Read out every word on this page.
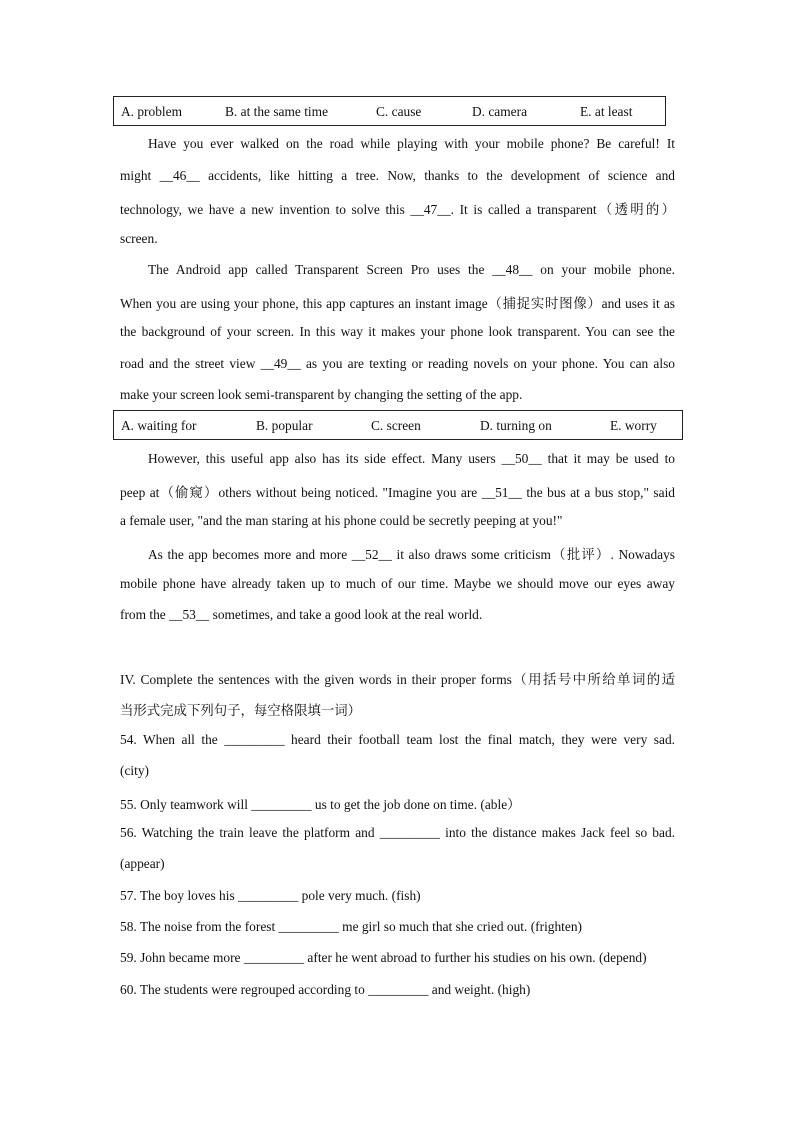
A. problem	B. at the same time	C. cause	D. camera	E. at least
Have you ever walked on the road while playing with your mobile phone? Be careful! It
might __46__ accidents, like hitting a tree. Now, thanks to the development of science and
technology, we have a new invention to solve this __47__. It is called a transparent（透明的）
screen.
The Android app called Transparent Screen Pro uses the __48__ on your mobile phone.
When you are using your phone, this app captures an instant image（捕捉实时图像）and uses it as
the background of your screen. In this way it makes your phone look transparent. You can see the
road and the street view __49__ as you are texting or reading novels on your phone. You can also
make your screen look semi-transparent by changing the setting of the app.
A. waiting for	B. popular	C. screen	D. turning on	E. worry
However, this useful app also has its side effect. Many users __50__ that it may be used to
peep at（偷窥）others without being noticed. "Imagine you are __51__ the bus at a bus stop," said
a female user, "and the man staring at his phone could be secretly peeping at you!"
As the app becomes more and more __52__ it also draws some criticism（批评）. Nowadays
mobile phone have already taken up to much of our time. Maybe we should move our eyes away
from the __53__ sometimes, and take a good look at the real world.
IV. Complete the sentences with the given words in their proper forms（用括号中所给单词的适
当形式完成下列句子，每空格限填一词）
54. When all the _________ heard their football team lost the final match, they were very sad.
(city)
55. Only teamwork will _________ us to get the job done on time. (able）
56. Watching the train leave the platform and _________ into the distance makes Jack feel so bad.
(appear)
57. The boy loves his _________ pole very much. (fish)
58. The noise from the forest _________ me girl so much that she cried out. (frighten)
59. John became more _________ after he went abroad to further his studies on his own. (depend)
60. The students were regrouped according to _________ and weight. (high)
